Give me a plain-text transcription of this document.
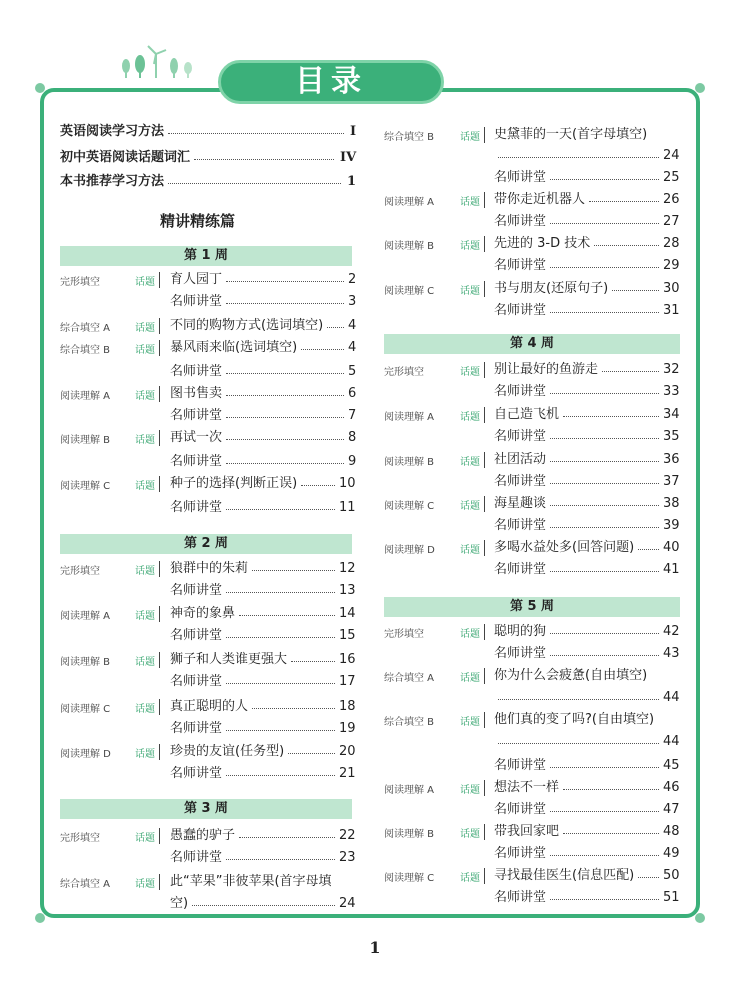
目录
精讲精练篇
第 1 周
第 2 周
第 3 周
第 4 周
第 5 周
1
英语阅读学习方法	I
初中英语阅读话题词汇	IV
本书推荐学习方法	1
完形填空	话题 育人园丁	2
名师讲堂	3
综合填空 A 话题 不同的购物方式(选词填空) 4
综合填空 B 话题 暴风雨来临(选词填空)	4
名师讲堂	5
阅读理解 A 话题 图书售卖	6
名师讲堂	7
阅读理解 B 话题 再试一次	8
名师讲堂	9
阅读理解 C 话题 种子的选择(判断正误)	10
名师讲堂	11
完形填空	话题 狼群中的朱莉	12
名师讲堂	13
阅读理解 A 话题 神奇的象鼻	14
名师讲堂	15
阅读理解 B 话题 狮子和人类谁更强大	16
名师讲堂	17
阅读理解 C 话题 真正聪明的人	18
名师讲堂	19
阅读理解 D 话题 珍贵的友谊(任务型)	20
名师讲堂	21
完形填空	话题 愚蠢的驴子	22
名师讲堂	23
综合填空 A 话题 此“苹果”非彼苹果(首字母填
空)	24
综合填空 B	话题 史黛菲的一天(首字母填空)
24
名师讲堂	25
阅读理解 A	话题 带你走近机器人	26
名师讲堂	27
阅读理解 B	话题 先进的 3-D 技术	28
名师讲堂	29
阅读理解 C	话题 书与朋友(还原句子)	30
名师讲堂	31
完形填空	话题 别让最好的鱼游走	32
名师讲堂	33
阅读理解 A	话题 自己造飞机	34
名师讲堂	35
阅读理解 B	话题 社团活动	36
名师讲堂	37
阅读理解 C	话题 海星趣谈	38
名师讲堂	39
阅读理解 D	话题 多喝水益处多(回答问题) 40
名师讲堂	41
完形填空	话题 聪明的狗	42
名师讲堂	43
综合填空 A	话题 你为什么会疲惫(自由填空)
44
综合填空 B	话题 他们真的变了吗?(自由填空)
44
名师讲堂	45
阅读理解 A	话题 想法不一样	46
名师讲堂	47
阅读理解 B	话题 带我回家吧	48
名师讲堂	49
阅读理解 C	话题 寻找最佳医生(信息匹配) 50
名师讲堂	51
